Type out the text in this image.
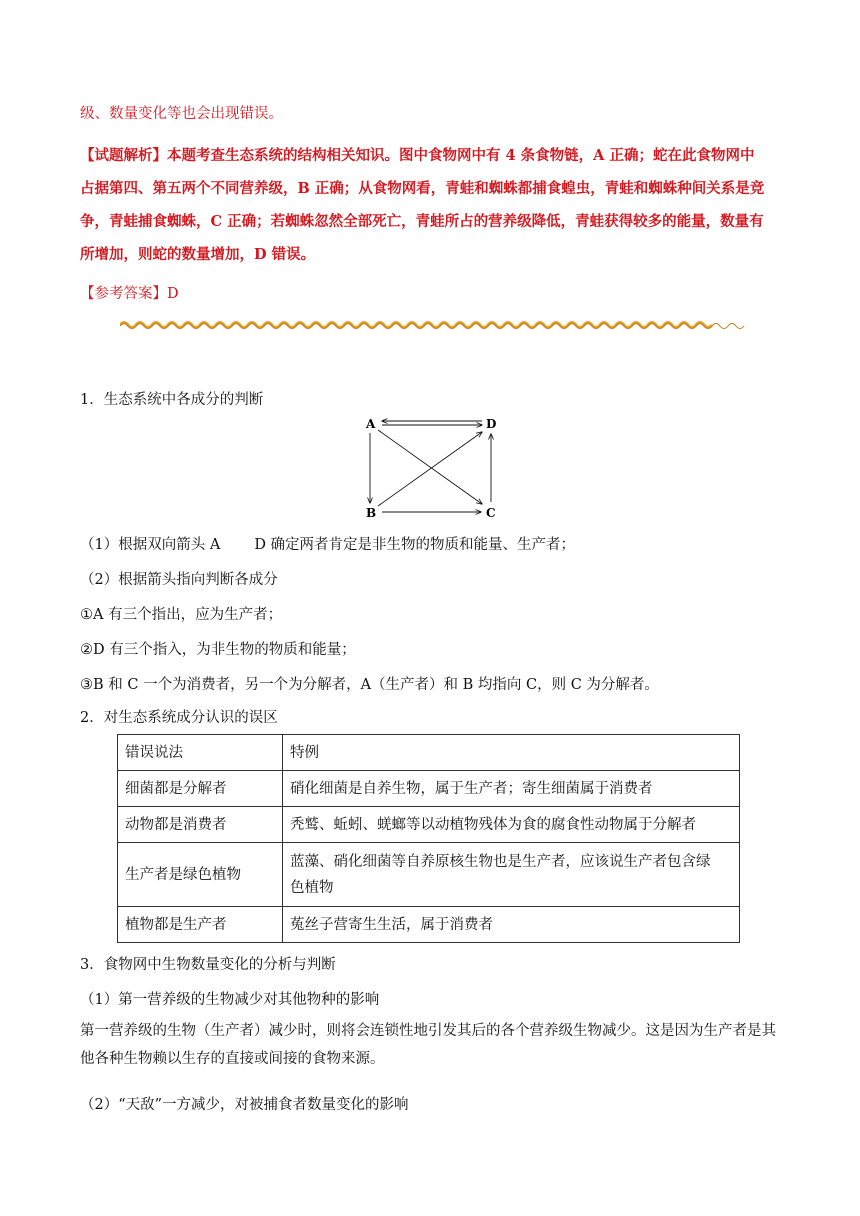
级、数量变化等也会出现错误。
【试题解析】本题考查生态系统的结构相关知识。图中食物网中有 4 条食物链，A 正确；蛇在此食物网中
占据第四、第五两个不同营养级，B 正确；从食物网看，青蛙和蜘蛛都捕食蝗虫，青蛙和蜘蛛种间关系是竞
争，青蛙捕食蜘蛛，C 正确；若蜘蛛忽然全部死亡，青蛙所占的营养级降低，青蛙获得较多的能量，数量有
所增加，则蛇的数量增加，D 错误。
【参考答案】D
1．生态系统中各成分的判断
A	D
B	C
（1）根据双向箭头 A D 确定两者肯定是非生物的物质和能量、生产者；
（2）根据箭头指向判断各成分
①A 有三个指出，应为生产者；
②D 有三个指入，为非生物的物质和能量；
③B 和 C 一个为消费者，另一个为分解者，A（生产者）和 B 均指向 C，则 C 为分解者。
2．对生态系统成分认识的误区
错误说法	特例
细菌都是分解者	硝化细菌是自养生物，属于生产者；寄生细菌属于消费者
动物都是消费者	秃鹫、蚯蚓、蜣螂等以动植物残体为食的腐食性动物属于分解者
生产者是绿色植物	蓝藻、硝化细菌等自养原核生物也是生产者，应该说生产者包含绿
色植物

植物都是生产者	菟丝子营寄生生活，属于消费者
3．食物网中生物数量变化的分析与判断
（1）第一营养级的生物减少对其他物种的影响
第一营养级的生物（生产者）减少时，则将会连锁性地引发其后的各个营养级生物减少。这是因为生产者是其他各种生物赖以生存的直接或间接的食物来源。
（2）“天敌”一方减少，对被捕食者数量变化的影响
